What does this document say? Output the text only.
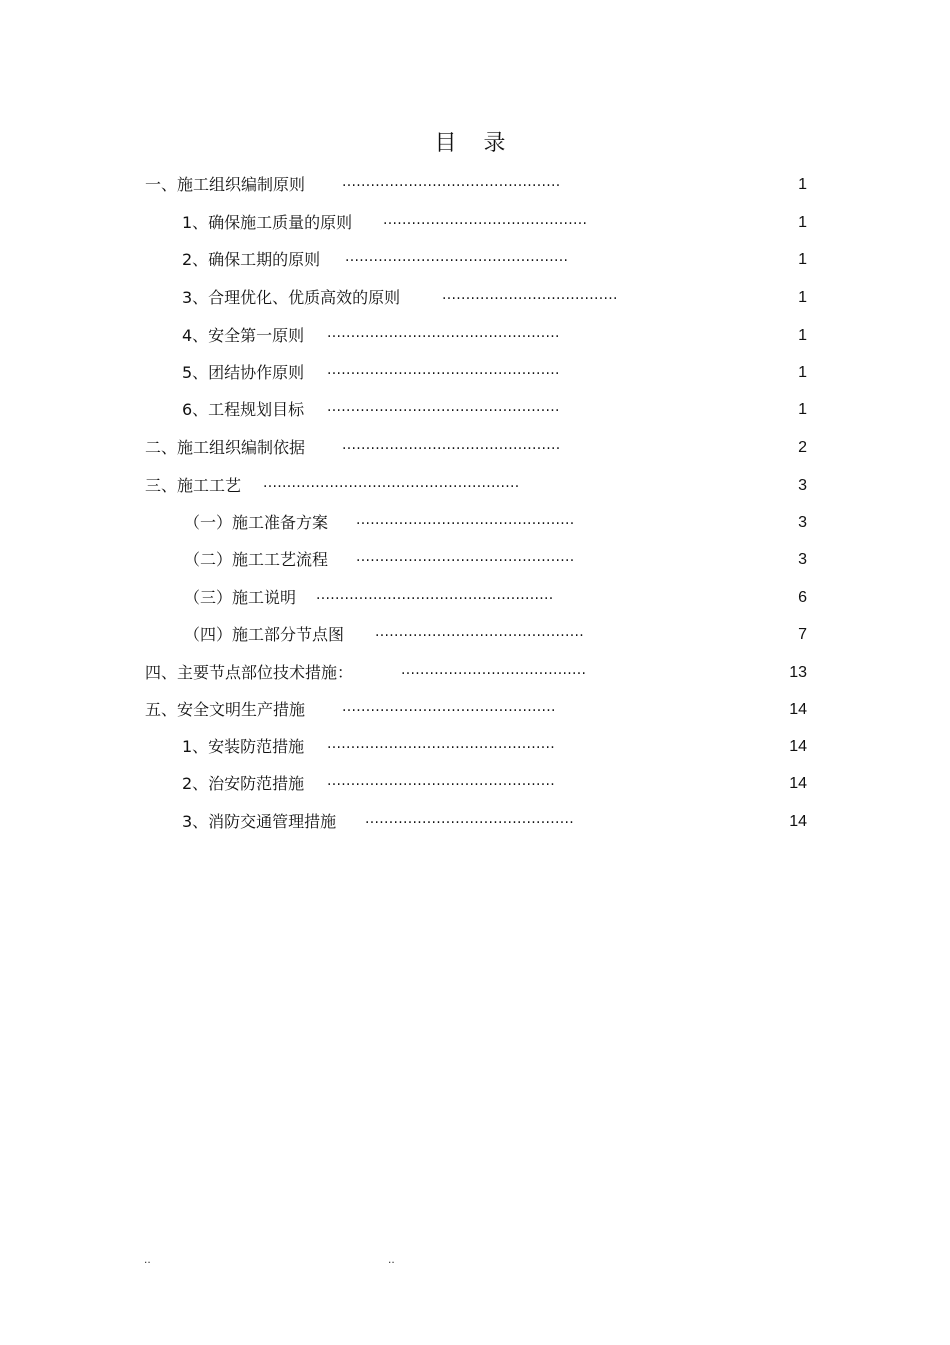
目 录
一、施工组织编制原则	..............................................	1
1、确保施工质量的原则 ...........................................	1
2、确保工期的原则 ...............................................	1
3、合理优化、优质高效的原则	.....................................	1
4、安全第一原则 .................................................	1
5、团结协作原则 .................................................	1
6、工程规划目标 .................................................	1
二、施工组织编制依据	..............................................	2
三、施工工艺 ......................................................	3
（一）施工准备方案 ..............................................	3
（二）施工工艺流程 ..............................................	3
（三）施工说明 ..................................................	6
（四）施工部分节点图 ............................................	7
四、主要节点部位技术措施：	.......................................	13
五、安全文明生产措施	.............................................	14
1、安装防范措施 ................................................	14
2、治安防范措施 ................................................	14
3、消防交通管理措施 ............................................	14
..	..
